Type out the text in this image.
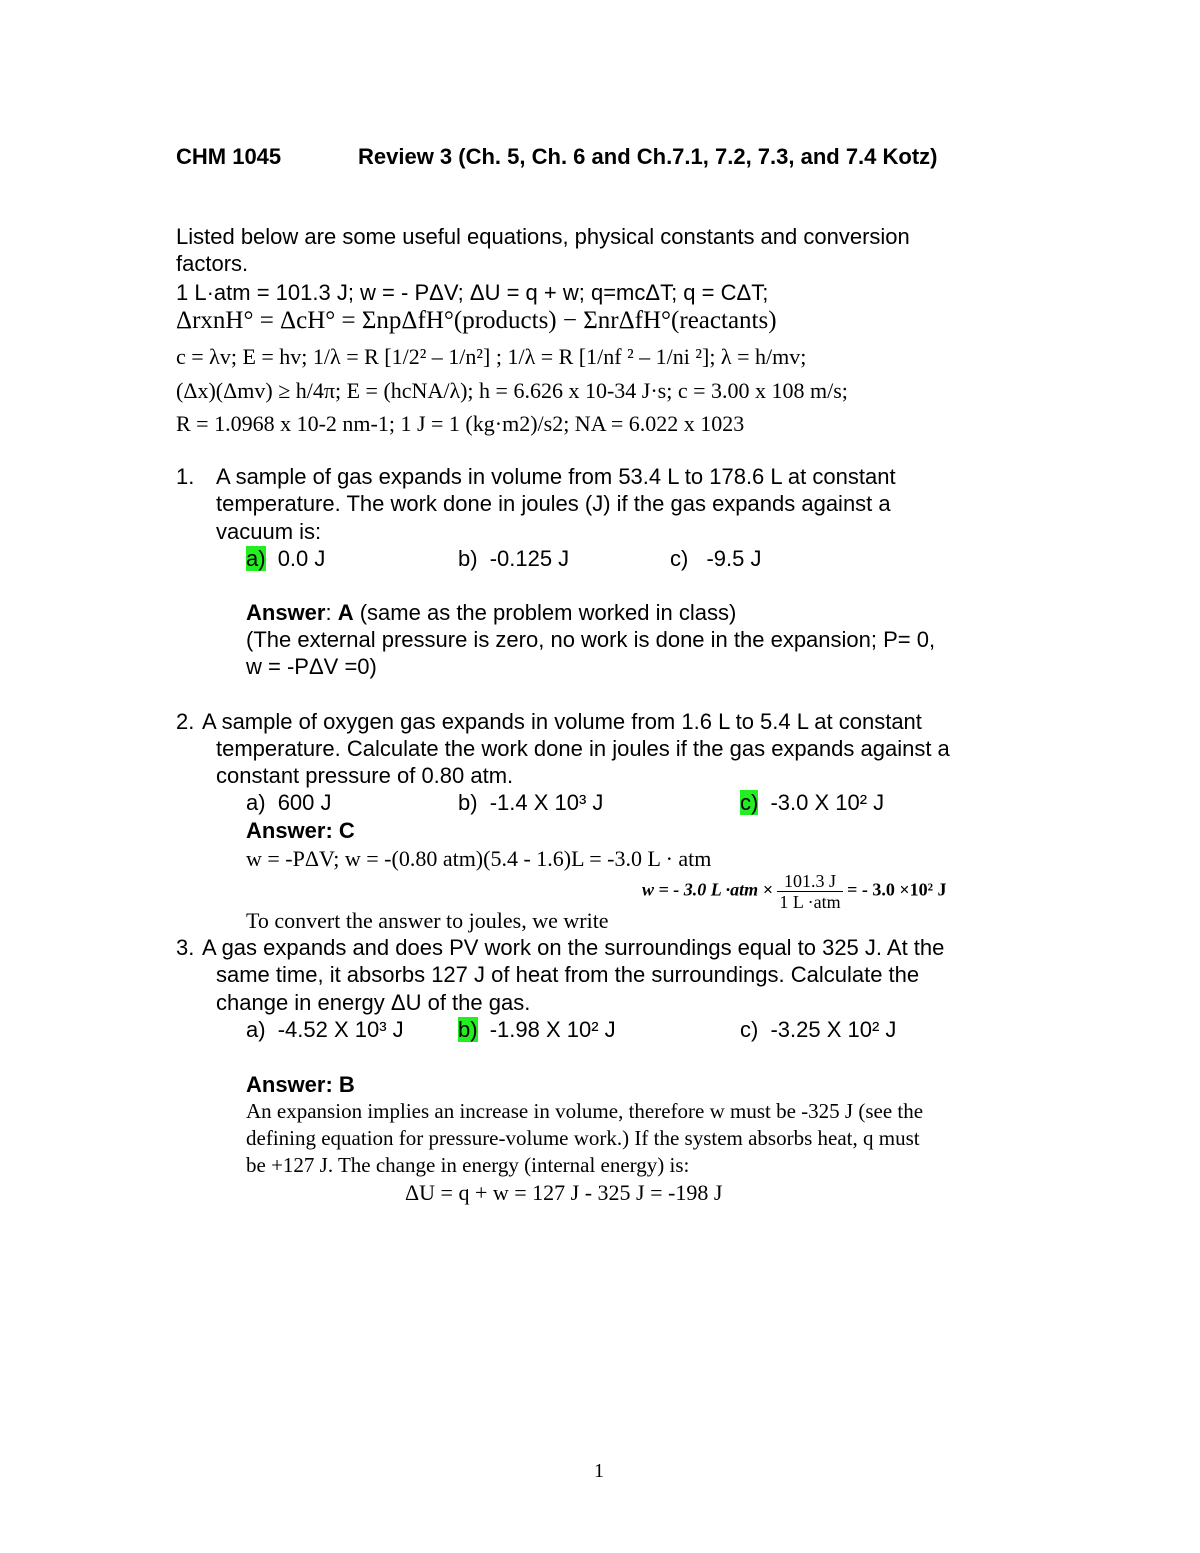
CHM 1045	Review 3 (Ch. 5, Ch. 6 and Ch.7.1, 7.2, 7.3, and 7.4 Kotz)
Listed below are some useful equations, physical constants and conversion
factors.
1 L·atm = 101.3 J; w = - PΔV; ΔU = q + w; q=mcΔT; q = CΔT;
ΔrxnH° = ΔcH° = ΣnpΔfH°(products) − ΣnrΔfH°(reactants)
c = λv; E = hv; 1/λ = R [1/2² – 1/n²] ; 1/λ = R [1/nf ² – 1/ni ²]; λ = h/mv;
(Δx)(Δmv) ≥ h/4π; E = (hcNA/λ); h = 6.626 x 10-34 J·s; c = 3.00 x 108 m/s;
R = 1.0968 x 10-2 nm-1; 1 J = 1 (kg·m2)/s2; NA = 6.022 x 1023
1. A sample of gas expands in volume from 53.4 L to 178.6 L at constant
temperature. The work done in joules (J) if the gas expands against a
vacuum is:
a) 0.0 J	b) -0.125 J	c) -9.5 J
Answer: A (same as the problem worked in class)
(The external pressure is zero, no work is done in the expansion; P= 0,
w = -PΔV =0)
2. A sample of oxygen gas expands in volume from 1.6 L to 5.4 L at constant
temperature. Calculate the work done in joules if the gas expands against a
constant pressure of 0.80 atm.
a) 600 J	b) -1.4 X 10³ J	c) -3.0 X 10² J
Answer: C
w = -PΔV; w = -(0.80 atm)(5.4 - 1.6)L = -3.0 L · atm
w = - 3.0 $L \cdot atm \times \frac{101.3 J}{\text{1 L ·atm}}$ = - 3.0 ×10² J
To convert the answer to joules, we write
3. A gas expands and does PV work on the surroundings equal to 325 J. At the
same time, it absorbs 127 J of heat from the surroundings. Calculate the
change in energy ΔU of the gas.
a) -4.52 X 10³ J b) -1.98 X 10² J	c) -3.25 X 10² J
Answer: B
An expansion implies an increase in volume, therefore w must be -325 J (see the
defining equation for pressure-volume work.) If the system absorbs heat, q must
be +127 J. The change in energy (internal energy) is:
ΔU = q + w = 127 J - 325 J = -198 J
1
